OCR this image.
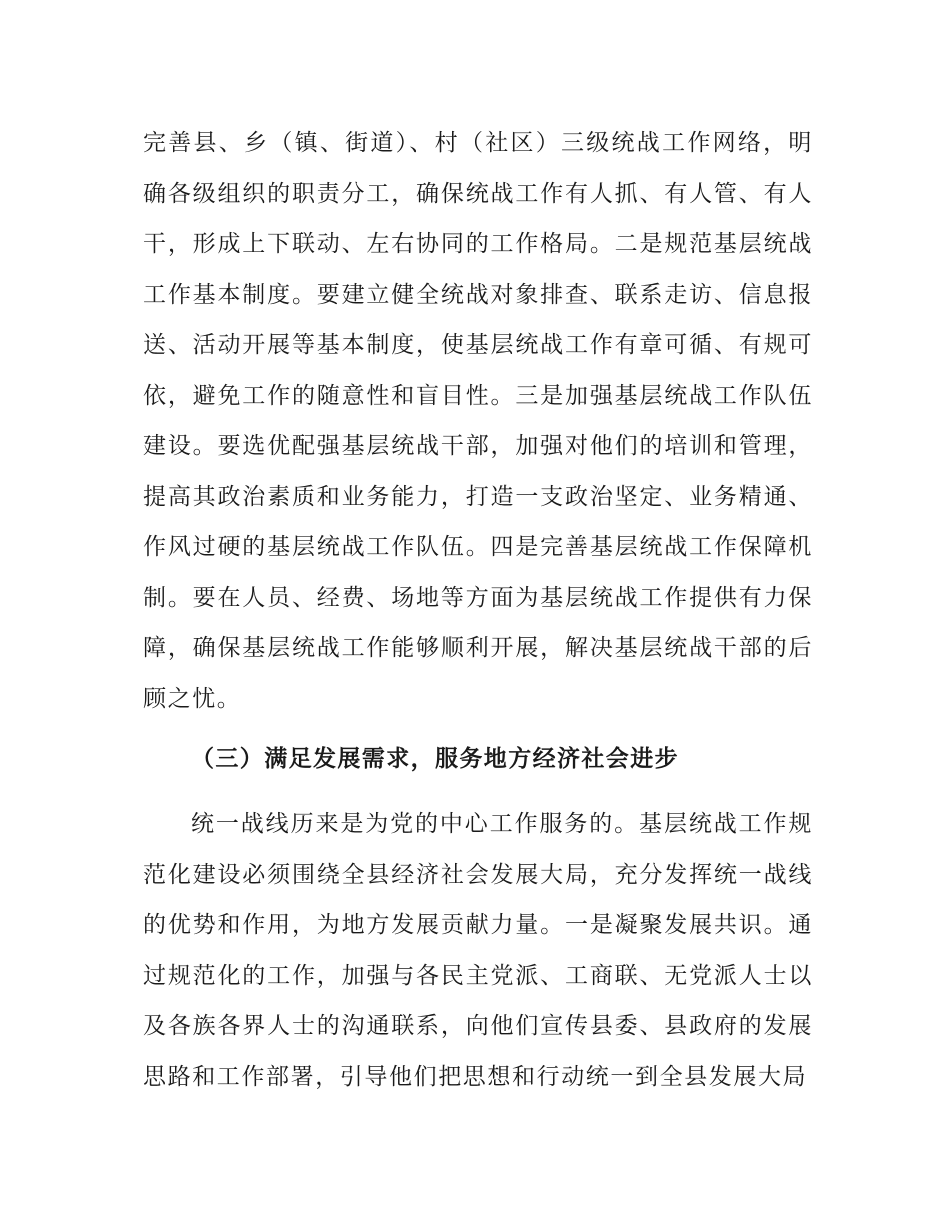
完善县、乡（镇、街道）、村（社区）三级统战工作网络，明确各级组织的职责分工，确保统战工作有人抓、有人管、有人干，形成上下联动、左右协同的工作格局。二是规范基层统战工作基本制度。要建立健全统战对象排查、联系走访、信息报送、活动开展等基本制度，使基层统战工作有章可循、有规可依，避免工作的随意性和盲目性。三是加强基层统战工作队伍建设。要选优配强基层统战干部，加强对他们的培训和管理，提高其政治素质和业务能力，打造一支政治坚定、业务精通、作风过硬的基层统战工作队伍。四是完善基层统战工作保障机制。要在人员、经费、场地等方面为基层统战工作提供有力保障，确保基层统战工作能够顺利开展，解决基层统战干部的后顾之忧。

（三）满足发展需求，服务地方经济社会进步

统一战线历来是为党的中心工作服务的。基层统战工作规范化建设必须围绕全县经济社会发展大局，充分发挥统一战线的优势和作用，为地方发展贡献力量。一是凝聚发展共识。通过规范化的工作，加强与各民主党派、工商联、无党派人士以及各族各界人士的沟通联系，向他们宣传县委、县政府的发展思路和工作部署，引导他们把思想和行动统一到全县发展大局
